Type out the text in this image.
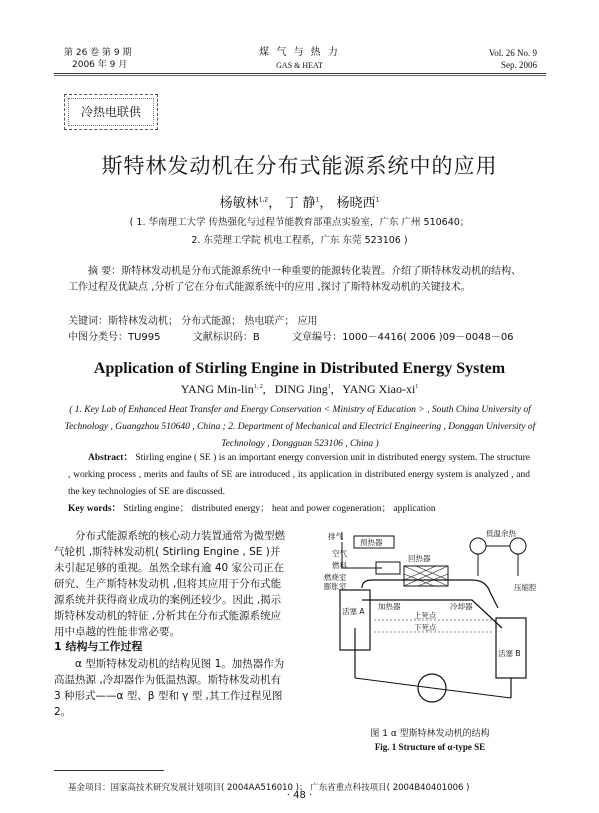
第 26 卷 第 9 期
2006 年 9 月
煤 气 与 热 力
GAS & HEAT
Vol. 26 No. 9
Sep. 2006
冷热电联供
斯特林发动机在分布式能源系统中的应用
杨敏林$^{1,2}$， 丁 静$^1$， 杨晓西$^1$
( 1. 华南理工大学 传热强化与过程节能教育部重点实验室，广东 广州 510640；
2. 东莞理工学院 机电工程系，广东 东莞 523106 )
摘 要：斯特林发动机是分布式能源系统中一种重要的能源转化装置。介绍了斯特林发动机的结构、工作过程及优缺点 ,分析了它在分布式能源系统中的应用 ,探讨了斯特林发动机的关键技术。
关键词：斯特林发动机； 分布式能源； 热电联产； 应用
中图分类号：TU995	文献标识码：B	文章编号：1000－4416( 2006 )09－0048－06
Application of Stirling Engine in Distributed Energy System
YANG Min-lin$^{1, 2}$,   DING Jing$^1$,   YANG Xiao-$xi^1$
( 1. Key Lab of Enhanced Heat Transfer and Energy Conservation < Ministry of Education > , South China University of Technology , Guangzhou 510640 , China ; 2. Department of Mechanical and Electricl Engineering , Donggan University of Technology , Dongguan 523106 , China )
Abstract： Stirling engine ( SE ) is an important energy conversion unit in distributed energy system. The structure , working process , merits and faults of SE are introduced , its application in distributed energy system is analyzed , and the key technologies of SE are discussed.
Key words： Stirling engine； distributed energy； heat and power cogeneration； application
分布式能源系统的核心动力装置通常为微型燃气轮机 ,斯特林发动机( Stirling Engine , SE )并未引起足够的重视。虽然全球有逾 40 家公司正在研究、生产斯特林发动机 ,但将其应用于分布式能源系统并获得商业成功的案例还较少。因此 ,揭示斯特林发动机的特征 ,分析其在分布式能源系统应用中卓越的性能非常必要。
1 结构与工作过程
α 型斯特林发动机的结构见图 1。加热器作为高温热源 ,冷却器作为低温热源。斯特林发动机有 3 种形式——α 型、β 型和 γ 型 ,其工作过程见图 2。
排气
预热器
空气
燃料
燃烧室
膨胀室
回热器
低温余热
压缩腔
加热器	冷却器
活塞 A
活塞 B
上死点
下死点
图 1 α 型斯特林发动机的结构
Fig. 1 Structure of α-type SE
基金项目：国家高技术研究发展计划项目( 2004AA516010 )； 广东省重点科技项目( 2004B40401006 )
· 48 ·
